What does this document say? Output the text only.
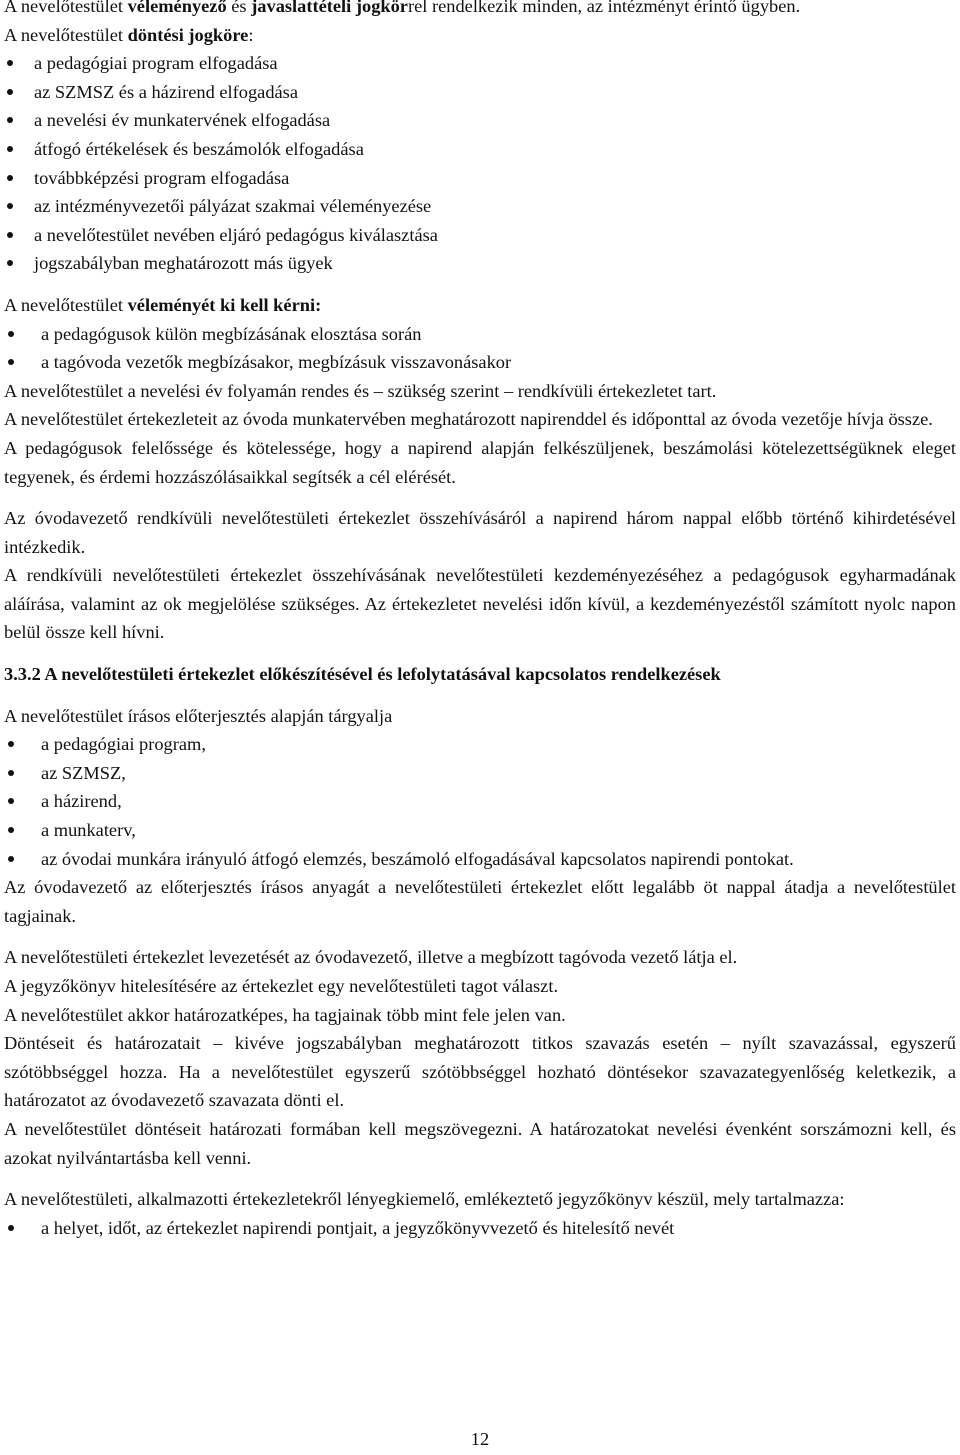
A nevelőtestület véleményező és javaslattételi jogkörrel rendelkezik minden, az intézményt érintő ügyben.

A nevelőtestület döntési jogköre:

a pedagógiai program elfogadása
az SZMSZ és a házirend elfogadása
a nevelési év munkatervének elfogadása
átfogó értékelések és beszámolók elfogadása
továbbképzési program elfogadása
az intézményvezetői pályázat szakmai véleményezése
a nevelőtestület nevében eljáró pedagógus kiválasztása
jogszabályban meghatározott más ügyek

A nevelőtestület véleményét ki kell kérni:

a pedagógusok külön megbízásának elosztása során
a tagóvoda vezetők megbízásakor, megbízásuk visszavonásakor

A nevelőtestület a nevelési év folyamán rendes és – szükség szerint – rendkívüli értekezletet tart.

A nevelőtestület értekezleteit az óvoda munkatervében meghatározott napirenddel és időponttal az óvoda vezetője hívja össze.

A pedagógusok felelőssége és kötelessége, hogy a napirend alapján felkészüljenek, beszámolási kötelezettségüknek eleget tegyenek, és érdemi hozzászólásaikkal segítsék a cél elérését.

Az óvodavezető rendkívüli nevelőtestületi értekezlet összehívásáról a napirend három nappal előbb történő kihirdetésével intézkedik.

A rendkívüli nevelőtestületi értekezlet összehívásának nevelőtestületi kezdeményezéséhez a pedagógusok egyharmadának aláírása, valamint az ok megjelölése szükséges. Az értekezletet nevelési időn kívül, a kezdeményezéstől számított nyolc napon belül össze kell hívni.

3.3.2 A nevelőtestületi értekezlet előkészítésével és lefolytatásával kapcsolatos rendelkezések

A nevelőtestület írásos előterjesztés alapján tárgyalja

a pedagógiai program,
az SZMSZ,
a házirend,
a munkaterv,
az óvodai munkára irányuló átfogó elemzés, beszámoló elfogadásával kapcsolatos napirendi pontokat.

Az óvodavezető az előterjesztés írásos anyagát a nevelőtestületi értekezlet előtt legalább öt nappal átadja a nevelőtestület tagjainak.

A nevelőtestületi értekezlet levezetését az óvodavezető, illetve a megbízott tagóvoda vezető látja el.

A jegyzőkönyv hitelesítésére az értekezlet egy nevelőtestületi tagot választ.

A nevelőtestület akkor határozatképes, ha tagjainak több mint fele jelen van.

Döntéseit és határozatait – kivéve jogszabályban meghatározott titkos szavazás esetén – nyílt szavazással, egyszerű szótöbbséggel hozza. Ha a nevelőtestület egyszerű szótöbbséggel hozható döntésekor szavazategyenlőség keletkezik, a határozatot az óvodavezető szavazata dönti el.

A nevelőtestület döntéseit határozati formában kell megszövegezni. A határozatokat nevelési évenként sorszámozni kell, és azokat nyilvántartásba kell venni.

A nevelőtestületi, alkalmazotti értekezletekről lényegkiemelő, emlékeztető jegyzőkönyv készül, mely tartalmazza:

a helyet, időt, az értekezlet napirendi pontjait, a jegyzőkönyvvezető és hitelesítő nevét
12
